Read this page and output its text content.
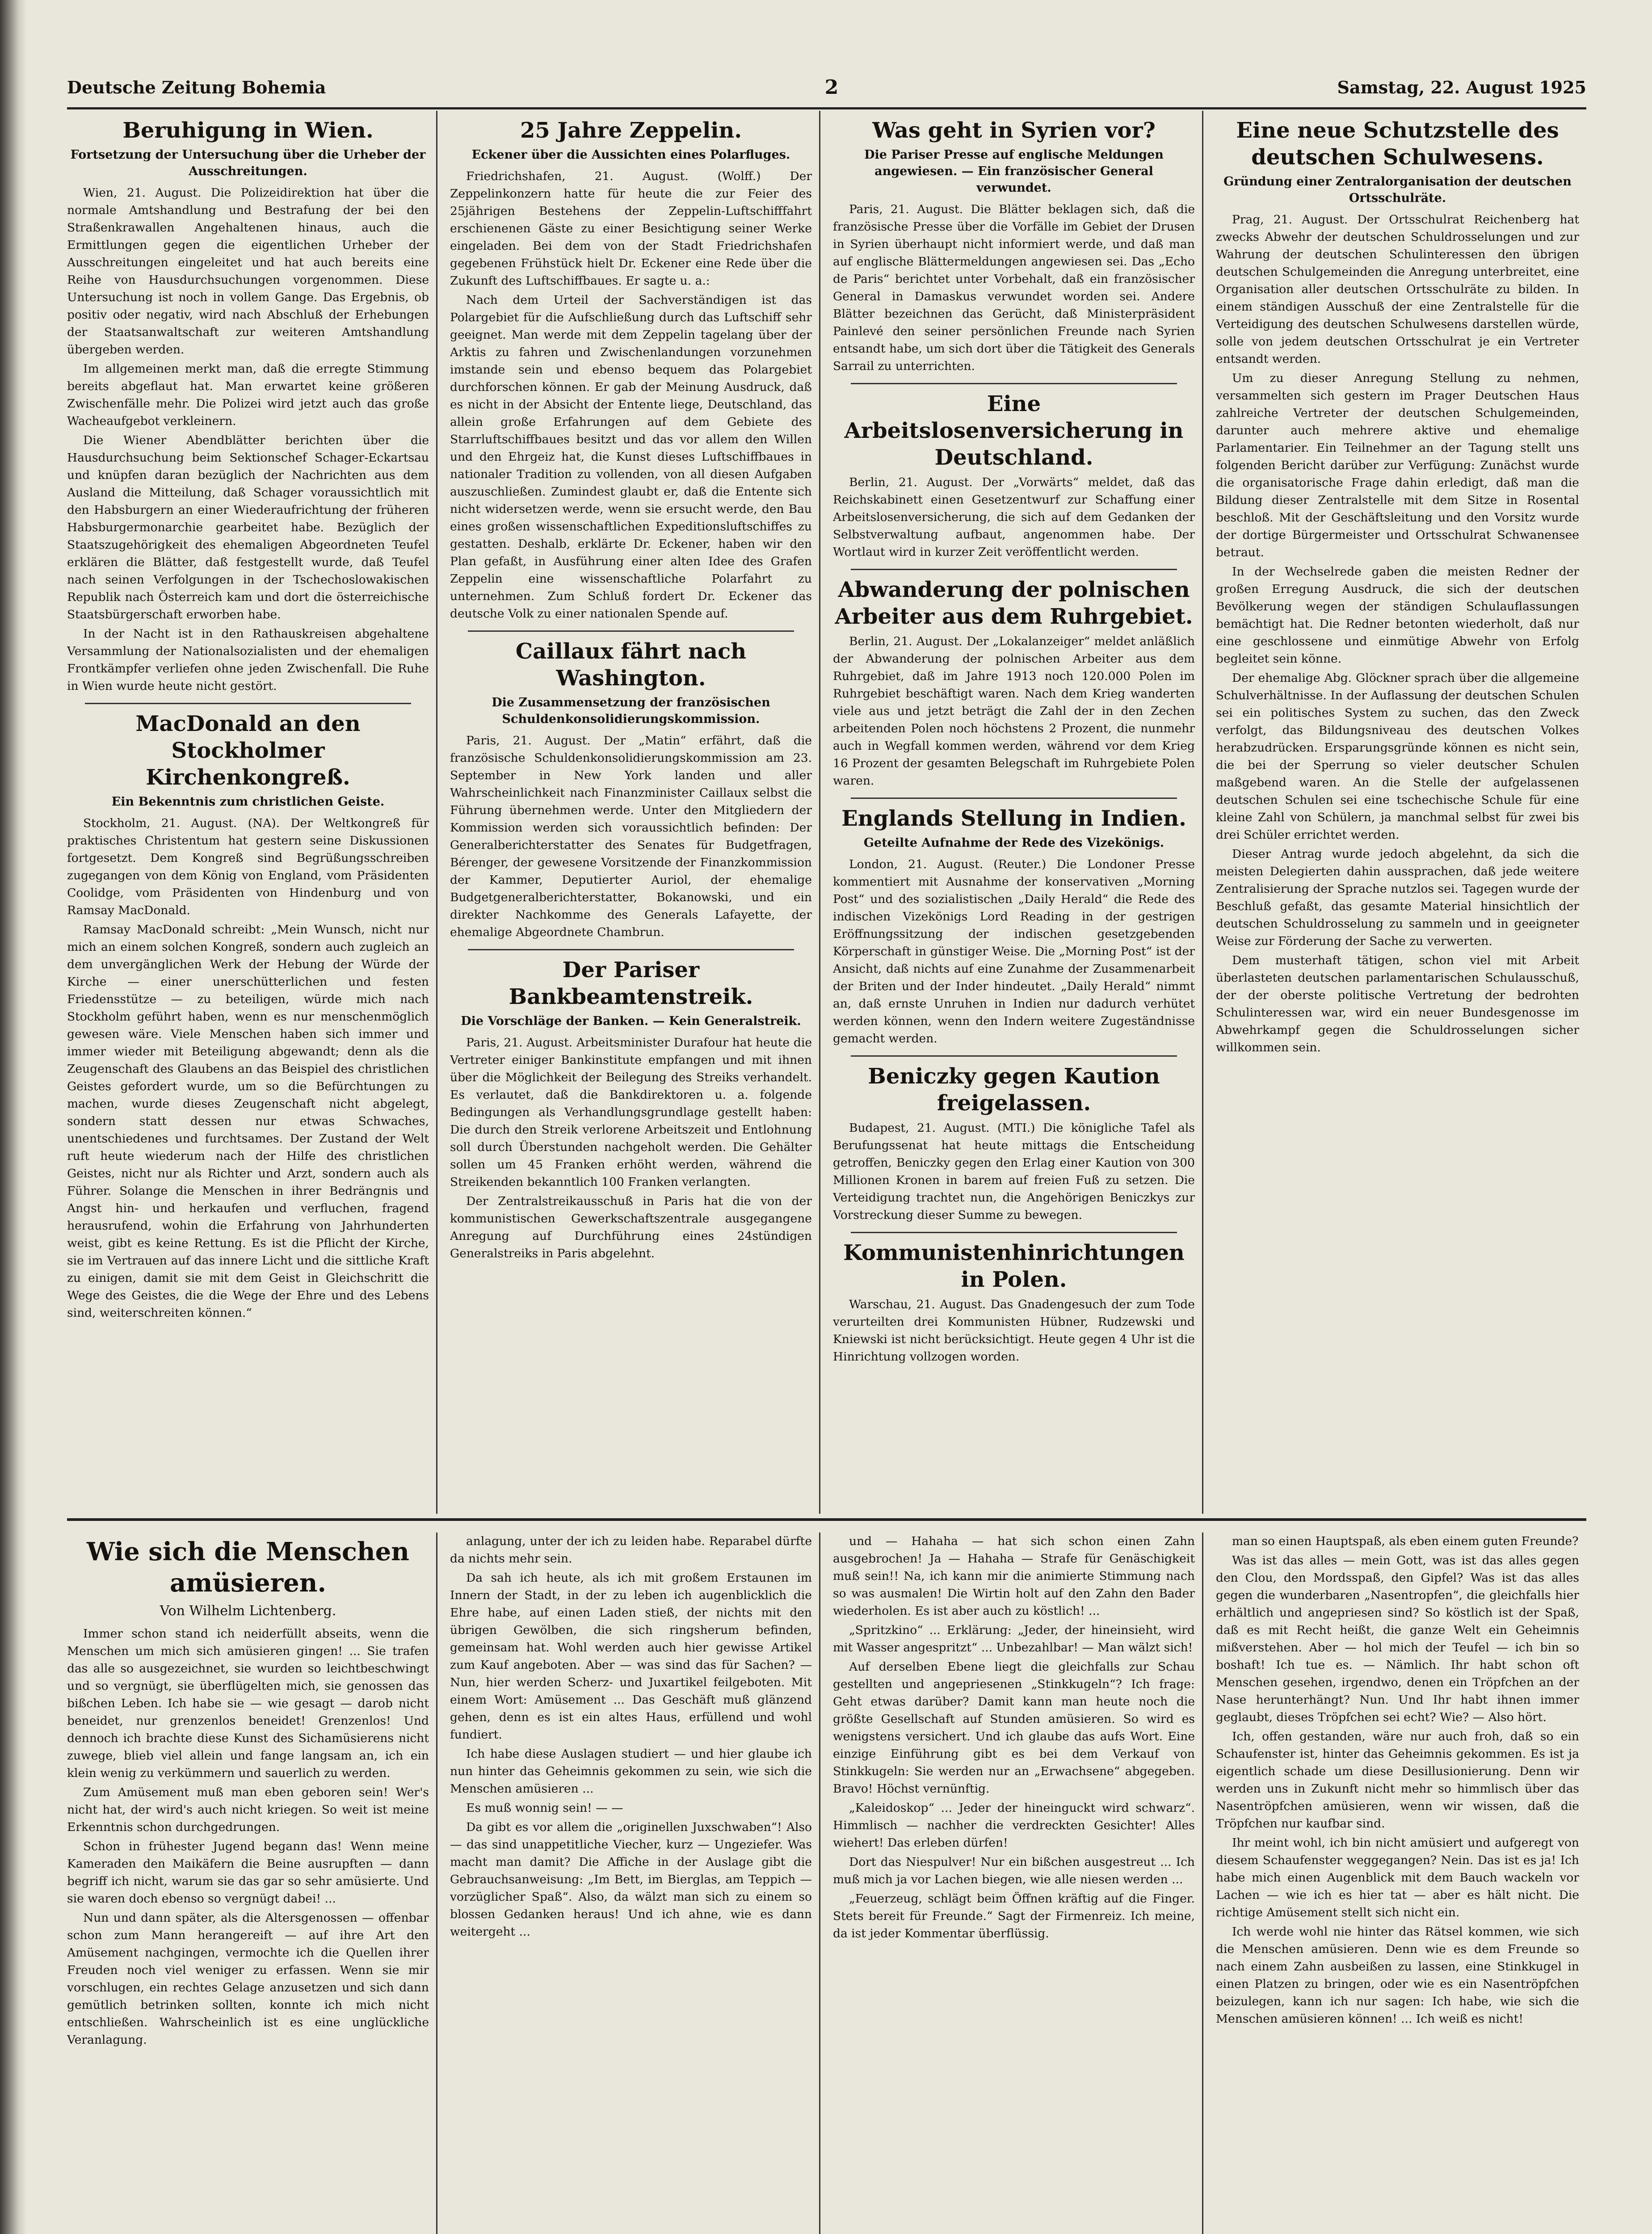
Deutsche Zeitung Bohemia	2	Samstag, 22. August 1925
Beruhigung in Wien.
Fortsetzung der Untersuchung über die Urheber der Ausschreitungen.

Wien, 21. August. Die Polizeidirektion hat über die normale Amtshandlung und Bestrafung der bei den Straßenkrawallen Angehaltenen hinaus, auch die Ermittlungen gegen die eigentlichen Urheber der Ausschreitungen eingeleitet und hat auch bereits eine Reihe von Hausdurchsuchungen vorgenommen. Diese Untersuchung ist noch in vollem Gange. Das Ergebnis, ob positiv oder negativ, wird nach Abschluß der Erhebungen der Staatsanwaltschaft zur weiteren Amtshandlung übergeben werden.

Im allgemeinen merkt man, daß die erregte Stimmung bereits abgeflaut hat. Man erwartet keine größeren Zwischenfälle mehr. Die Polizei wird jetzt auch das große Wacheaufgebot verkleinern.

Die Wiener Abendblätter berichten über die Hausdurchsuchung beim Sektionschef Schager-Eckartsau und knüpfen daran bezüglich der Nachrichten aus dem Ausland die Mitteilung, daß Schager voraussichtlich mit den Habsburgern an einer Wiederaufrichtung der früheren Habsburgermonarchie gearbeitet habe. Bezüglich der Staatszugehörigkeit des ehemaligen Abgeordneten Teufel erklären die Blätter, daß festgestellt wurde, daß Teufel nach seinen Verfolgungen in der Tschechoslowakischen Republik nach Österreich kam und dort die österreichische Staatsbürgerschaft erworben habe.

In der Nacht ist in den Rathauskreisen abgehaltene Versammlung der Nationalsozialisten und der ehemaligen Frontkämpfer verliefen ohne jeden Zwischenfall. Die Ruhe in Wien wurde heute nicht gestört.

MacDonald an den Stockholmer Kirchenkongreß.
Ein Bekenntnis zum christlichen Geiste.

Stockholm, 21. August. (NA). Der Weltkongreß für praktisches Christentum hat gestern seine Diskussionen fortgesetzt. Dem Kongreß sind Begrüßungsschreiben zugegangen von dem König von England, vom Präsidenten Coolidge, vom Präsidenten von Hindenburg und von Ramsay MacDonald.

Ramsay MacDonald schreibt: „Mein Wunsch, nicht nur mich an einem solchen Kongreß, sondern auch zugleich an dem unvergänglichen Werk der Hebung der Würde der Kirche — einer unerschütterlichen und festen Friedensstütze — zu beteiligen, würde mich nach Stockholm geführt haben, wenn es nur menschenmöglich gewesen wäre. Viele Menschen haben sich immer und immer wieder mit Beteiligung abgewandt; denn als die Zeugenschaft des Glaubens an das Beispiel des christlichen Geistes gefordert wurde, um so die Befürchtungen zu machen, wurde dieses Zeugenschaft nicht abgelegt, sondern statt dessen nur etwas Schwaches, unentschiedenes und furchtsames. Der Zustand der Welt ruft heute wiederum nach der Hilfe des christlichen Geistes, nicht nur als Richter und Arzt, sondern auch als Führer. Solange die Menschen in ihrer Bedrängnis und Angst hin- und herkaufen und verfluchen, fragend herausrufend, wohin die Erfahrung von Jahrhunderten weist, gibt es keine Rettung. Es ist die Pflicht der Kirche, sie im Vertrauen auf das innere Licht und die sittliche Kraft zu einigen, damit sie mit dem Geist in Gleichschritt die Wege des Geistes, die die Wege der Ehre und des Lebens sind, weiterschreiten können.“

25 Jahre Zeppelin.
Eckener über die Aussichten eines Polarfluges.

Friedrichshafen, 21. August. (Wolff.) Der Zeppelinkonzern hatte für heute die zur Feier des 25jährigen Bestehens der Zeppelin-Luftschifffahrt erschienenen Gäste zu einer Besichtigung seiner Werke eingeladen. Bei dem von der Stadt Friedrichshafen gegebenen Frühstück hielt Dr. Eckener eine Rede über die Zukunft des Luftschiffbaues. Er sagte u. a.:

Nach dem Urteil der Sachverständigen ist das Polargebiet für die Aufschließung durch das Luftschiff sehr geeignet. Man werde mit dem Zeppelin tagelang über der Arktis zu fahren und Zwischenlandungen vorzunehmen imstande sein und ebenso bequem das Polargebiet durchforschen können. Er gab der Meinung Ausdruck, daß es nicht in der Absicht der Entente liege, Deutschland, das allein große Erfahrungen auf dem Gebiete des Starrluftschiffbaues besitzt und das vor allem den Willen und den Ehrgeiz hat, die Kunst dieses Luftschiffbaues in nationaler Tradition zu vollenden, von all diesen Aufgaben auszuschließen. Zumindest glaubt er, daß die Entente sich nicht widersetzen werde, wenn sie ersucht werde, den Bau eines großen wissenschaftlichen Expeditionsluftschiffes zu gestatten. Deshalb, erklärte Dr. Eckener, haben wir den Plan gefaßt, in Ausführung einer alten Idee des Grafen Zeppelin eine wissenschaftliche Polarfahrt zu unternehmen. Zum Schluß fordert Dr. Eckener das deutsche Volk zu einer nationalen Spende auf.

Caillaux fährt nach Washington.
Die Zusammensetzung der französischen Schuldenkonsolidierungskommission.

Paris, 21. August. Der „Matin“ erfährt, daß die französische Schuldenkonsolidierungskommission am 23. September in New York landen und aller Wahrscheinlichkeit nach Finanzminister Caillaux selbst die Führung übernehmen werde. Unter den Mitgliedern der Kommission werden sich voraussichtlich befinden: Der Generalberichterstatter des Senates für Budgetfragen, Bérenger, der gewesene Vorsitzende der Finanzkommission der Kammer, Deputierter Auriol, der ehemalige Budgetgeneralberichterstatter, Bokanowski, und ein direkter Nachkomme des Generals Lafayette, der ehemalige Abgeordnete Chambrun.

Der Pariser Bankbeamtenstreik.
Die Vorschläge der Banken. — Kein Generalstreik.

Paris, 21. August. Arbeitsminister Durafour hat heute die Vertreter einiger Bankinstitute empfangen und mit ihnen über die Möglichkeit der Beilegung des Streiks verhandelt. Es verlautet, daß die Bankdirektoren u. a. folgende Bedingungen als Verhandlungsgrundlage gestellt haben: Die durch den Streik verlorene Arbeitszeit und Entlohnung soll durch Überstunden nachgeholt werden. Die Gehälter sollen um 45 Franken erhöht werden, während die Streikenden bekanntlich 100 Franken verlangten.

Der Zentralstreikausschuß in Paris hat die von der kommunistischen Gewerkschaftszentrale ausgegangene Anregung auf Durchführung eines 24stündigen Generalstreiks in Paris abgelehnt.

Was geht in Syrien vor?
Die Pariser Presse auf englische Meldungen angewiesen. — Ein französischer General verwundet.

Paris, 21. August. Die Blätter beklagen sich, daß die französische Presse über die Vorfälle im Gebiet der Drusen in Syrien überhaupt nicht informiert werde, und daß man auf englische Blättermeldungen angewiesen sei. Das „Echo de Paris“ berichtet unter Vorbehalt, daß ein französischer General in Damaskus verwundet worden sei. Andere Blätter bezeichnen das Gerücht, daß Ministerpräsident Painlevé den seiner persönlichen Freunde nach Syrien entsandt habe, um sich dort über die Tätigkeit des Generals Sarrail zu unterrichten.

Eine Arbeitslosenversicherung in Deutschland.

Berlin, 21. August. Der „Vorwärts“ meldet, daß das Reichskabinett einen Gesetzentwurf zur Schaffung einer Arbeitslosenversicherung, die sich auf dem Gedanken der Selbstverwaltung aufbaut, angenommen habe. Der Wortlaut wird in kurzer Zeit veröffentlicht werden.

Abwanderung der polnischen Arbeiter aus dem Ruhrgebiet.

Berlin, 21. August. Der „Lokalanzeiger“ meldet anläßlich der Abwanderung der polnischen Arbeiter aus dem Ruhrgebiet, daß im Jahre 1913 noch 120.000 Polen im Ruhrgebiet beschäftigt waren. Nach dem Krieg wanderten viele aus und jetzt beträgt die Zahl der in den Zechen arbeitenden Polen noch höchstens 2 Prozent, die nunmehr auch in Wegfall kommen werden, während vor dem Krieg 16 Prozent der gesamten Belegschaft im Ruhrgebiete Polen waren.

Englands Stellung in Indien.
Geteilte Aufnahme der Rede des Vizekönigs.

London, 21. August. (Reuter.) Die Londoner Presse kommentiert mit Ausnahme der konservativen „Morning Post“ und des sozialistischen „Daily Herald“ die Rede des indischen Vizekönigs Lord Reading in der gestrigen Eröffnungssitzung der indischen gesetzgebenden Körperschaft in günstiger Weise. Die „Morning Post“ ist der Ansicht, daß nichts auf eine Zunahme der Zusammenarbeit der Briten und der Inder hindeutet. „Daily Herald“ nimmt an, daß ernste Unruhen in Indien nur dadurch verhütet werden können, wenn den Indern weitere Zugeständnisse gemacht werden.

Beniczky gegen Kaution freigelassen.

Budapest, 21. August. (MTI.) Die königliche Tafel als Berufungssenat hat heute mittags die Entscheidung getroffen, Beniczky gegen den Erlag einer Kaution von 300 Millionen Kronen in barem auf freien Fuß zu setzen. Die Verteidigung trachtet nun, die Angehörigen Beniczkys zur Vorstreckung dieser Summe zu bewegen.

Kommunistenhinrichtungen in Polen.

Warschau, 21. August. Das Gnadengesuch der zum Tode verurteilten drei Kommunisten Hübner, Rudzewski und Kniewski ist nicht berücksichtigt. Heute gegen 4 Uhr ist die Hinrichtung vollzogen worden.

Eine neue Schutzstelle des deutschen Schulwesens.
Gründung einer Zentralorganisation der deutschen Ortsschulräte.

Prag, 21. August. Der Ortsschulrat Reichenberg hat zwecks Abwehr der deutschen Schuldrosselungen und zur Wahrung der deutschen Schulinteressen den übrigen deutschen Schulgemeinden die Anregung unterbreitet, eine Organisation aller deutschen Ortsschulräte zu bilden. In einem ständigen Ausschuß der eine Zentralstelle für die Verteidigung des deutschen Schulwesens darstellen würde, solle von jedem deutschen Ortsschulrat je ein Vertreter entsandt werden.

Um zu dieser Anregung Stellung zu nehmen, versammelten sich gestern im Prager Deutschen Haus zahlreiche Vertreter der deutschen Schulgemeinden, darunter auch mehrere aktive und ehemalige Parlamentarier. Ein Teilnehmer an der Tagung stellt uns folgenden Bericht darüber zur Verfügung: Zunächst wurde die organisatorische Frage dahin erledigt, daß man die Bildung dieser Zentralstelle mit dem Sitze in Rosental beschloß. Mit der Geschäftsleitung und den Vorsitz wurde der dortige Bürgermeister und Ortsschulrat Schwanensee betraut.

In der Wechselrede gaben die meisten Redner der großen Erregung Ausdruck, die sich der deutschen Bevölkerung wegen der ständigen Schulauflassungen bemächtigt hat. Die Redner betonten wiederholt, daß nur eine geschlossene und einmütige Abwehr von Erfolg begleitet sein könne.

Der ehemalige Abg. Glöckner sprach über die allgemeine Schulverhältnisse. In der Auflassung der deutschen Schulen sei ein politisches System zu suchen, das den Zweck verfolgt, das Bildungsniveau des deutschen Volkes herabzudrücken. Ersparungsgründe können es nicht sein, die bei der Sperrung so vieler deutscher Schulen maßgebend waren. An die Stelle der aufgelassenen deutschen Schulen sei eine tschechische Schule für eine kleine Zahl von Schülern, ja manchmal selbst für zwei bis drei Schüler errichtet werden.

Dieser Antrag wurde jedoch abgelehnt, da sich die meisten Delegierten dahin aussprachen, daß jede weitere Zentralisierung der Sprache nutzlos sei. Tagegen wurde der Beschluß gefaßt, das gesamte Material hinsichtlich der deutschen Schuldrosselung zu sammeln und in geeigneter Weise zur Förderung der Sache zu verwerten.

Dem musterhaft tätigen, schon viel mit Arbeit überlasteten deutschen parlamentarischen Schulausschuß, der der oberste politische Vertretung der bedrohten Schulinteressen war, wird ein neuer Bundesgenosse im Abwehrkampf gegen die Schuldrosselungen sicher willkommen sein.

Wie sich die Menschen amüsieren.
Von Wilhelm Lichtenberg.

Immer schon stand ich neiderfüllt abseits, wenn die Menschen um mich sich amüsieren gingen! ... Sie trafen das alle so ausgezeichnet, sie wurden so leichtbeschwingt und so vergnügt, sie überflügelten mich, sie genossen das bißchen Leben. Ich habe sie — wie gesagt — darob nicht beneidet, nur grenzenlos beneidet! Grenzenlos! Und dennoch ich brachte diese Kunst des Sichamüsierens nicht zuwege, blieb viel allein und fange langsam an, ich ein klein wenig zu verkümmern und sauerlich zu werden.

Zum Amüsement muß man eben geboren sein! Wer's nicht hat, der wird's auch nicht kriegen. So weit ist meine Erkenntnis schon durchgedrungen.

Schon in frühester Jugend begann das! Wenn meine Kameraden den Maikäfern die Beine ausrupften — dann begriff ich nicht, warum sie das gar so sehr amüsierte. Und sie waren doch ebenso so vergnügt dabei! ...

Nun und dann später, als die Altersgenossen — offenbar schon zum Mann herangereift — auf ihre Art den Amüsement nachgingen, vermochte ich die Quellen ihrer Freuden noch viel weniger zu erfassen. Wenn sie mir vorschlugen, ein rechtes Gelage anzusetzen und sich dann gemütlich betrinken sollten, konnte ich mich nicht entschließen. Wahrscheinlich ist es eine unglückliche Veranlagung.

anlagung, unter der ich zu leiden habe. Reparabel dürfte da nichts mehr sein.

Da sah ich heute, als ich mit großem Erstaunen im Innern der Stadt, in der zu leben ich augenblicklich die Ehre habe, auf einen Laden stieß, der nichts mit den übrigen Gewölben, die sich ringsherum befinden, gemeinsam hat. Wohl werden auch hier gewisse Artikel zum Kauf angeboten. Aber — was sind das für Sachen? — Nun, hier werden Scherz- und Juxartikel feilgeboten. Mit einem Wort: Amüsement ... Das Geschäft muß glänzend gehen, denn es ist ein altes Haus, erfüllend und wohl fundiert.

Ich habe diese Auslagen studiert — und hier glaube ich nun hinter das Geheimnis gekommen zu sein, wie sich die Menschen amüsieren ...

Es muß wonnig sein! — —

Da gibt es vor allem die „originellen Juxschwaben“! Also — das sind unappetitliche Viecher, kurz — Ungeziefer. Was macht man damit? Die Affiche in der Auslage gibt die Gebrauchsanweisung: „Im Bett, im Bierglas, am Teppich — vorzüglicher Spaß“. Also, da wälzt man sich zu einem so blossen Gedanken heraus! Und ich ahne, wie es dann weitergeht ...

und — Hahaha — hat sich schon einen Zahn ausgebrochen! Ja — Hahaha — Strafe für Genäschigkeit muß sein!! Na, ich kann mir die animierte Stimmung nach so was ausmalen! Die Wirtin holt auf den Zahn den Bader wiederholen. Es ist aber auch zu köstlich! ...

„Spritzkino“ ... Erklärung: „Jeder, der hineinsieht, wird mit Wasser angespritzt“ ... Unbezahlbar! — Man wälzt sich!

Auf derselben Ebene liegt die gleichfalls zur Schau gestellten und angepriesenen „Stinkkugeln“? Ich frage: Geht etwas darüber? Damit kann man heute noch die größte Gesellschaft auf Stunden amüsieren. So wird es wenigstens versichert. Und ich glaube das aufs Wort. Eine einzige Einführung gibt es bei dem Verkauf von Stinkkugeln: Sie werden nur an „Erwachsene“ abgegeben. Bravo! Höchst vernünftig.

„Kaleidoskop“ ... Jeder der hineinguckt wird schwarz“. Himmlisch — nachher die verdreckten Gesichter! Alles wiehert! Das erleben dürfen!

Dort das Niespulver! Nur ein bißchen ausgestreut ... Ich muß mich ja vor Lachen biegen, wie alle niesen werden ...

„Feuerzeug, schlägt beim Öffnen kräftig auf die Finger. Stets bereit für Freunde.“ Sagt der Firmenreiz. Ich meine, da ist jeder Kommentar überflüssig.

man so einen Hauptspaß, als eben einem guten Freunde?

Was ist das alles — mein Gott, was ist das alles gegen den Clou, den Mordsspaß, den Gipfel? Was ist das alles gegen die wunderbaren „Nasentropfen“, die gleichfalls hier erhältlich und angepriesen sind? So köstlich ist der Spaß, daß es mit Recht heißt, die ganze Welt ein Geheimnis mißverstehen. Aber — hol mich der Teufel — ich bin so boshaft! Ich tue es. — Nämlich. Ihr habt schon oft Menschen gesehen, irgendwo, denen ein Tröpfchen an der Nase herunterhängt? Nun. Und Ihr habt ihnen immer geglaubt, dieses Tröpfchen sei echt? Wie? — Also hört.

Ich, offen gestanden, wäre nur auch froh, daß so ein Schaufenster ist, hinter das Geheimnis gekommen. Es ist ja eigentlich schade um diese Desillusionierung. Denn wir werden uns in Zukunft nicht mehr so himmlisch über das Nasentröpfchen amüsieren, wenn wir wissen, daß die Tröpfchen nur kaufbar sind.

Ihr meint wohl, ich bin nicht amüsiert und aufgeregt von diesem Schaufenster weggegangen? Nein. Das ist es ja! Ich habe mich einen Augenblick mit dem Bauch wackeln vor Lachen — wie ich es hier tat — aber es hält nicht. Die richtige Amüsement stellt sich nicht ein.

Ich werde wohl nie hinter das Rätsel kommen, wie sich die Menschen amüsieren. Denn wie es dem Freunde so nach einem Zahn ausbeißen zu lassen, eine Stinkkugel in einen Platzen zu bringen, oder wie es ein Nasentröpfchen beizulegen, kann ich nur sagen: Ich habe, wie sich die Menschen amüsieren können! ... Ich weiß es nicht!
